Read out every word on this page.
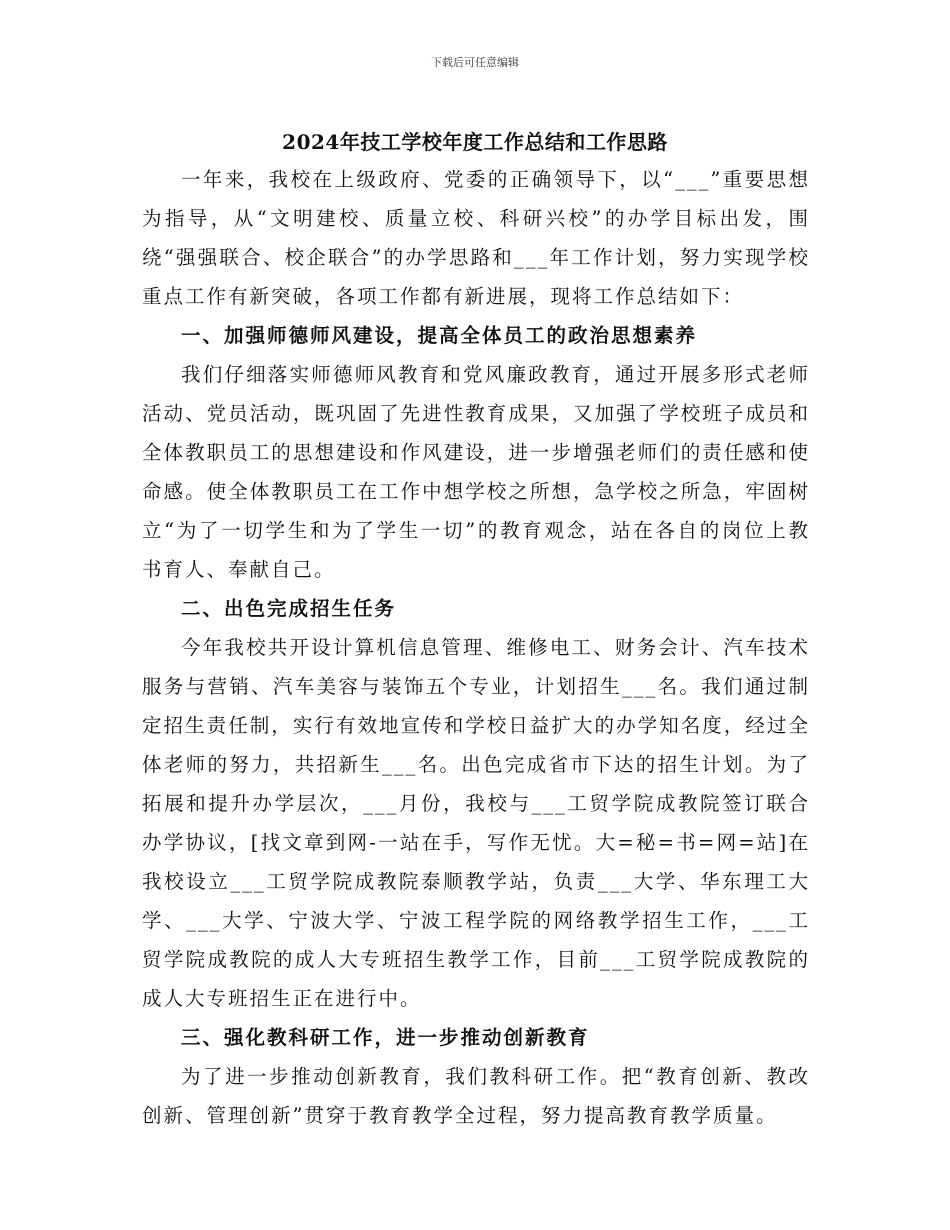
下载后可任意编辑
2024年技工学校年度工作总结和工作思路

一年来，我校在上级政府、党委的正确领导下，以“___”重要思想为指导，从“文明建校、质量立校、科研兴校”的办学目标出发，围绕“强强联合、校企联合”的办学思路和___年工作计划，努力实现学校重点工作有新突破，各项工作都有新进展，现将工作总结如下：

一、加强师德师风建设，提高全体员工的政治思想素养

我们仔细落实师德师风教育和党风廉政教育，通过开展多形式老师活动、党员活动，既巩固了先进性教育成果，又加强了学校班子成员和全体教职员工的思想建设和作风建设，进一步增强老师们的责任感和使命感。使全体教职员工在工作中想学校之所想，急学校之所急，牢固树立“为了一切学生和为了学生一切”的教育观念，站在各自的岗位上教书育人、奉献自己。

二、出色完成招生任务

今年我校共开设计算机信息管理、维修电工、财务会计、汽车技术服务与营销、汽车美容与装饰五个专业，计划招生___名。我们通过制定招生责任制，实行有效地宣传和学校日益扩大的办学知名度，经过全体老师的努力，共招新生___名。出色完成省市下达的招生计划。为了拓展和提升办学层次，___月份，我校与___工贸学院成教院签订联合办学协议，[找文章到网-一站在手，写作无忧。大=秘=书=网=站]在我校设立___工贸学院成教院泰顺教学站，负责___大学、华东理工大学、___大学、宁波大学、宁波工程学院的网络教学招生工作，___工贸学院成教院的成人大专班招生教学工作，目前___工贸学院成教院的成人大专班招生正在进行中。

三、强化教科研工作，进一步推动创新教育

为了进一步推动创新教育，我们教科研工作。把“教育创新、教改创新、管理创新”贯穿于教育教学全过程，努力提高教育教学质量。
